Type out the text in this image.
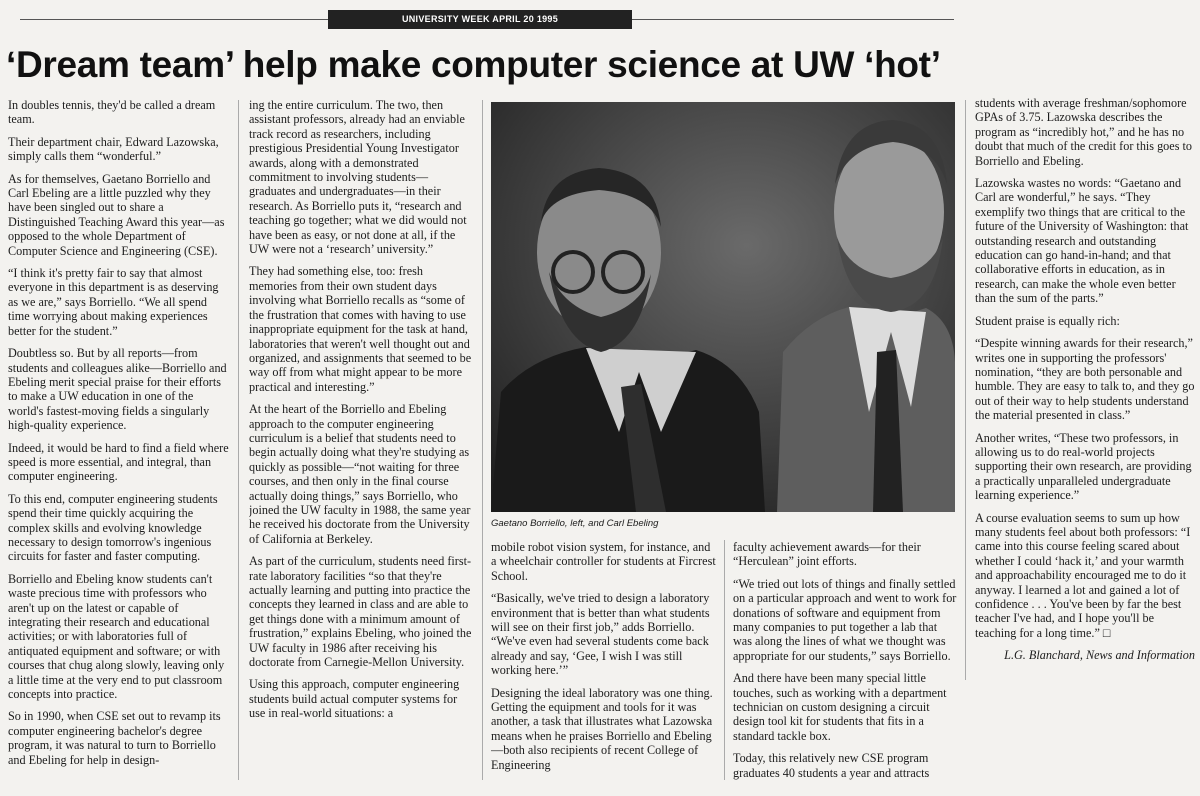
UNIVERSITY WEEK APRIL 20 1995
‘Dream team’ help make computer science at UW ‘hot’

In doubles tennis, they'd be called a dream team.

Their department chair, Edward Lazowska, simply calls them “wonderful.”

As for themselves, Gaetano Borriello and Carl Ebeling are a little puzzled why they have been singled out to share a Distinguished Teaching Award this year—as opposed to the whole Department of Computer Science and Engineering (CSE).

“I think it's pretty fair to say that almost everyone in this department is as deserving as we are,” says Borriello. “We all spend time worrying about making experiences better for the student.”

Doubtless so. But by all reports—from students and colleagues alike—Borriello and Ebeling merit special praise for their efforts to make a UW education in one of the world's fastest-moving fields a singularly high-quality experience.

Indeed, it would be hard to find a field where speed is more essential, and integral, than computer engineering.

To this end, computer engineering students spend their time quickly acquiring the complex skills and evolving knowledge necessary to design tomorrow's ingenious circuits for faster and faster computing.

Borriello and Ebeling know students can't waste precious time with professors who aren't up on the latest or capable of integrating their research and educational activities; or with laboratories full of antiquated equipment and software; or with courses that chug along slowly, leaving only a little time at the very end to put classroom concepts into practice.

So in 1990, when CSE set out to revamp its computer engineering bachelor's degree program, it was natural to turn to Borriello and Ebeling for help in design-

ing the entire curriculum. The two, then assistant professors, already had an enviable track record as researchers, including prestigious Presidential Young Investigator awards, along with a demonstrated commitment to involving students—graduates and undergraduates—in their research. As Borriello puts it, “research and teaching go together; what we did would not have been as easy, or not done at all, if the UW were not a ‘research’ university.”

They had something else, too: fresh memories from their own student days involving what Borriello recalls as “some of the frustration that comes with having to use inappropriate equipment for the task at hand, laboratories that weren't well thought out and organized, and assignments that seemed to be way off from what might appear to be more practical and interesting.”

At the heart of the Borriello and Ebeling approach to the computer engineering curriculum is a belief that students need to begin actually doing what they're studying as quickly as possible—“not waiting for three courses, and then only in the final course actually doing things,” says Borriello, who joined the UW faculty in 1988, the same year he received his doctorate from the University of California at Berkeley.

As part of the curriculum, students need first-rate laboratory facilities “so that they're actually learning and putting into practice the concepts they learned in class and are able to get things done with a minimum amount of frustration,” explains Ebeling, who joined the UW faculty in 1986 after receiving his doctorate from Carnegie-Mellon University.

Using this approach, computer engineering students build actual computer systems for use in real-world situations: a

Gaetano Borriello, left, and Carl Ebeling

mobile robot vision system, for instance, and a wheelchair controller for students at Fircrest School.

“Basically, we've tried to design a laboratory environment that is better than what students will see on their first job,” adds Borriello. “We've even had several students come back already and say, ‘Gee, I wish I was still working here.’”

Designing the ideal laboratory was one thing. Getting the equipment and tools for it was another, a task that illustrates what Lazowska means when he praises Borriello and Ebeling—both also recipients of recent College of Engineering

faculty achievement awards—for their “Herculean” joint efforts.

“We tried out lots of things and finally settled on a particular approach and went to work for donations of software and equipment from many companies to put together a lab that was along the lines of what we thought was appropriate for our students,” says Borriello.

And there have been many special little touches, such as working with a department technician on custom designing a circuit design tool kit for students that fits in a standard tackle box.

Today, this relatively new CSE program graduates 40 students a year and attracts

students with average freshman/sophomore GPAs of 3.75. Lazowska describes the program as “incredibly hot,” and he has no doubt that much of the credit for this goes to Borriello and Ebeling.

Lazowska wastes no words: “Gaetano and Carl are wonderful,” he says. “They exemplify two things that are critical to the future of the University of Washington: that outstanding research and outstanding education can go hand-in-hand; and that collaborative efforts in education, as in research, can make the whole even better than the sum of the parts.”

Student praise is equally rich:

“Despite winning awards for their research,” writes one in supporting the professors' nomination, “they are both personable and humble. They are easy to talk to, and they go out of their way to help students understand the material presented in class.”

Another writes, “These two professors, in allowing us to do real-world projects supporting their own research, are providing a practically unparalleled undergraduate learning experience.”

A course evaluation seems to sum up how many students feel about both professors: “I came into this course feeling scared about whether I could ‘hack it,’ and your warmth and approachability encouraged me to do it anyway. I learned a lot and gained a lot of confidence . . . You've been by far the best teacher I've had, and I hope you'll be teaching for a long time.” □

L.G. Blanchard, News and Information
